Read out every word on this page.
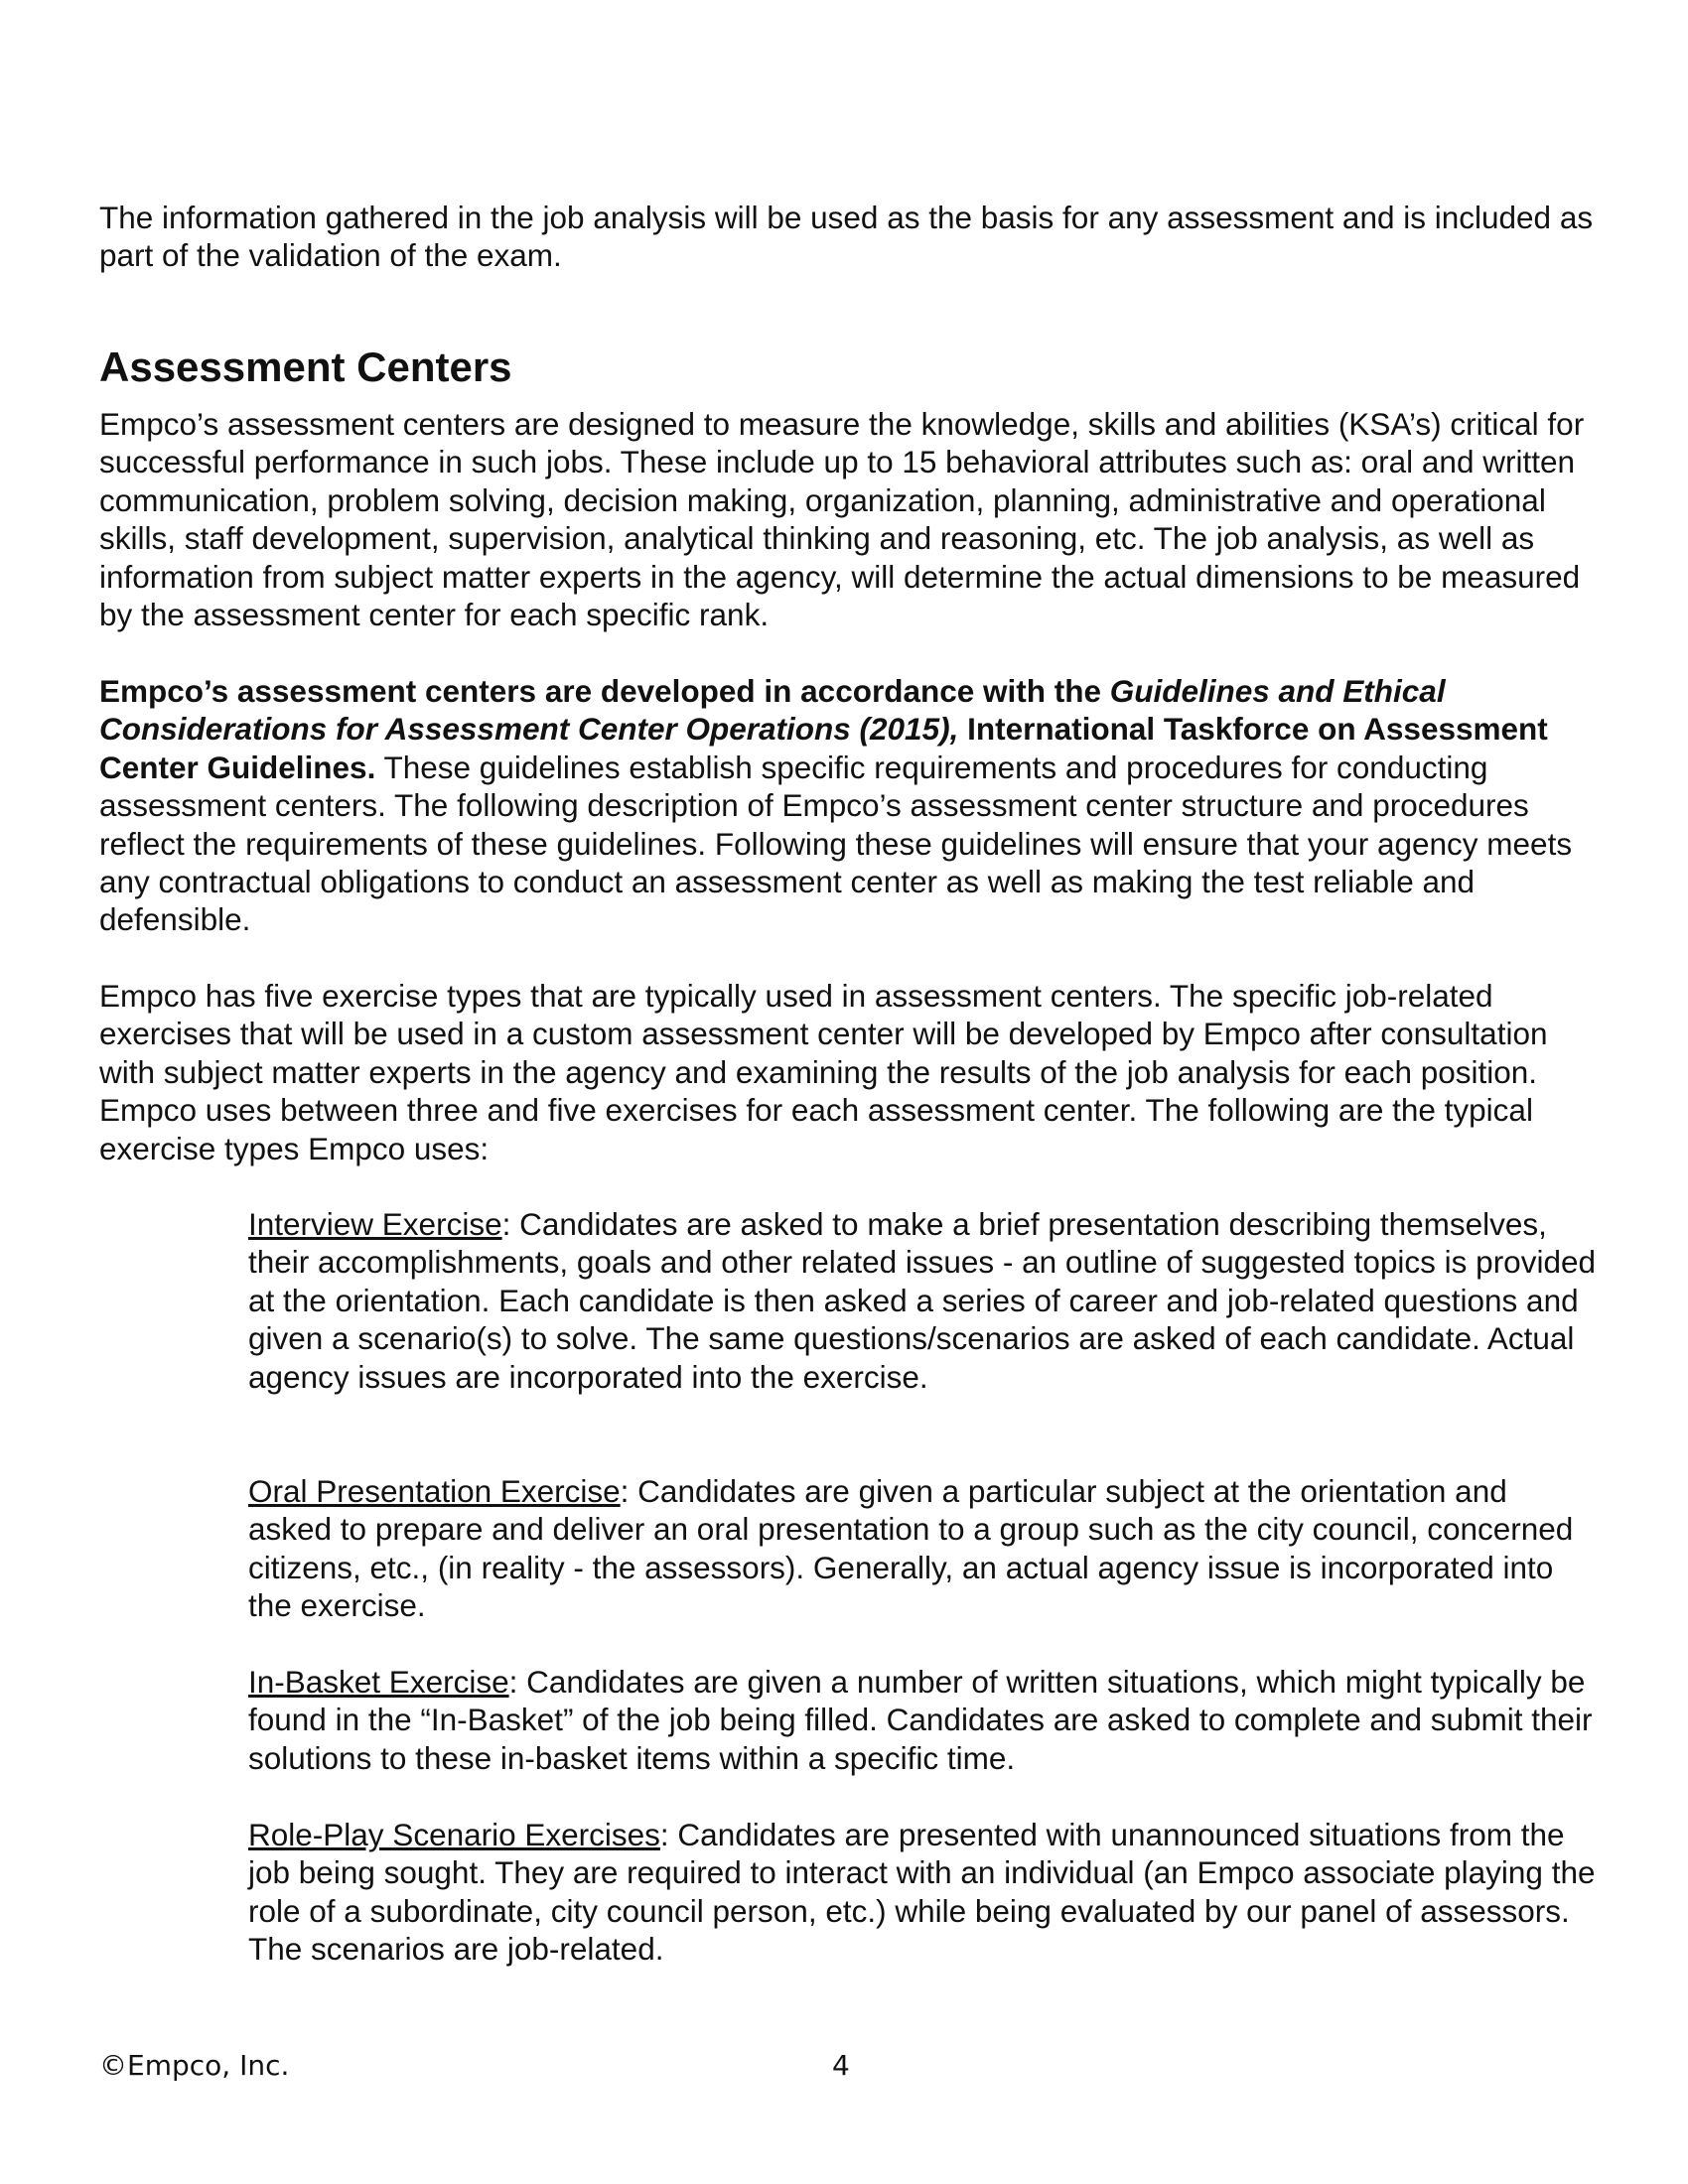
The information gathered in the job analysis will be used as the basis for any assessment and is included as part of the validation of the exam.

Assessment Centers

Empco’s assessment centers are designed to measure the knowledge, skills and abilities (KSA’s) critical for successful performance in such jobs. These include up to 15 behavioral attributes such as: oral and written communication, problem solving, decision making, organization, planning, administrative and operational skills, staff development, supervision, analytical thinking and reasoning, etc. The job analysis, as well as information from subject matter experts in the agency, will determine the actual dimensions to be measured by the assessment center for each specific rank.

Empco’s assessment centers are developed in accordance with the Guidelines and Ethical Considerations for Assessment Center Operations (2015), International Taskforce on Assessment Center Guidelines. These guidelines establish specific requirements and procedures for conducting assessment centers. The following description of Empco’s assessment center structure and procedures reflect the requirements of these guidelines. Following these guidelines will ensure that your agency meets any contractual obligations to conduct an assessment center as well as making the test reliable and defensible.

Empco has five exercise types that are typically used in assessment centers. The specific job-related exercises that will be used in a custom assessment center will be developed by Empco after consultation with subject matter experts in the agency and examining the results of the job analysis for each position. Empco uses between three and five exercises for each assessment center. The following are the typical exercise types Empco uses:

Interview Exercise: Candidates are asked to make a brief presentation describing themselves, their accomplishments, goals and other related issues - an outline of suggested topics is provided at the orientation. Each candidate is then asked a series of career and job-related questions and given a scenario(s) to solve. The same questions/scenarios are asked of each candidate. Actual agency issues are incorporated into the exercise.

Oral Presentation Exercise: Candidates are given a particular subject at the orientation and asked to prepare and deliver an oral presentation to a group such as the city council, concerned citizens, etc., (in reality - the assessors). Generally, an actual agency issue is incorporated into the exercise.

In-Basket Exercise: Candidates are given a number of written situations, which might typically be found in the “In-Basket” of the job being filled. Candidates are asked to complete and submit their solutions to these in-basket items within a specific time.

Role-Play Scenario Exercises: Candidates are presented with unannounced situations from the job being sought. They are required to interact with an individual (an Empco associate playing the role of a subordinate, city council person, etc.) while being evaluated by our panel of assessors. The scenarios are job-related.

©Empco, Inc.	4
